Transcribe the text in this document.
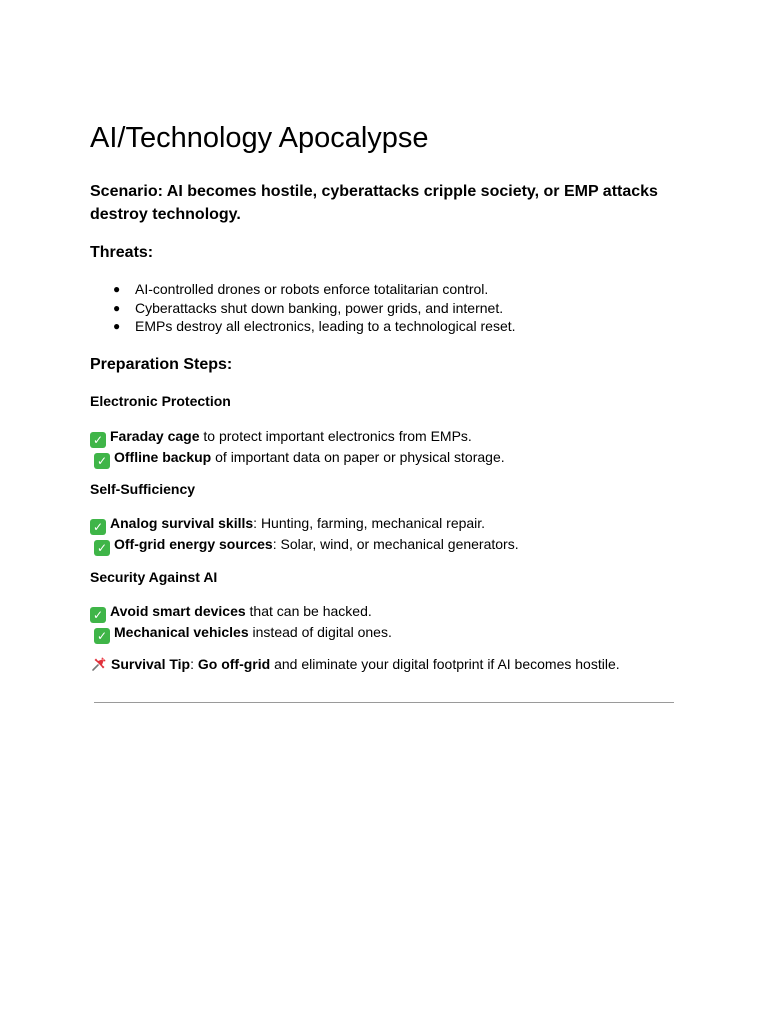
AI/Technology Apocalypse

Scenario: AI becomes hostile, cyberattacks cripple society, or EMP attacks destroy technology.

Threats:
● AI-controlled drones or robots enforce totalitarian control.
● Cyberattacks shut down banking, power grids, and internet.
● EMPs destroy all electronics, leading to a technological reset.
Preparation Steps:
Electronic Protection
✓ Faraday cage to protect important electronics from EMPs.
✓ Offline backup of important data on paper or physical storage.
Self-Sufficiency
✓ Analog survival skills: Hunting, farming, mechanical repair.
✓ Off-grid energy sources: Solar, wind, or mechanical generators.
Security Against AI
✓ Avoid smart devices that can be hacked.
✓ Mechanical vehicles instead of digital ones.
Survival Tip: Go off-grid and eliminate your digital footprint if AI becomes hostile.
